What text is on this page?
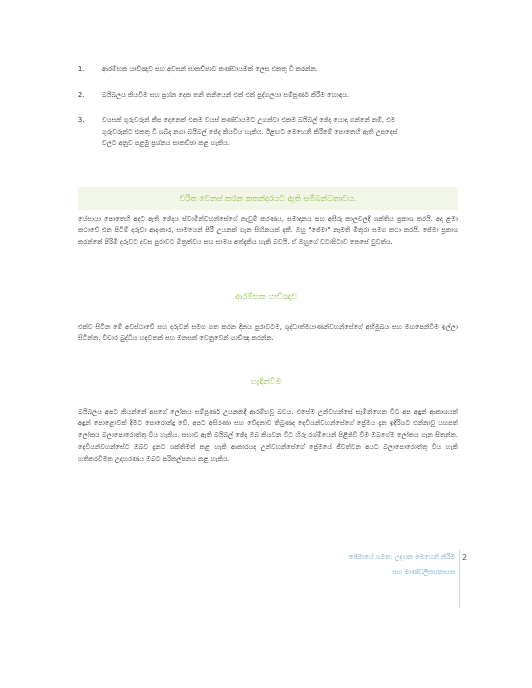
1.	ආරම්භක යාච්ඤාව සහ අවසන් සාකච්ඡාව කණ්ඩායමක් ලෙස එකතු වී කරන්න.
2.	බයිබලය කියවීම සහ ප්‍රශ්න දෙක තනි තනියෙන් එක් එක් පුද්ගලයා සම්පූර්ණ කිරීම හොඳය.
3.	වයසක් ගුරුවරුන් කීප දෙනෙක් එකම වයස් කණ්ඩායමට උගන්වා එකම බයිබල් ඡේද යොදා ගන්නේ නම්, එම ගුරුවරුන්ට එකතු වී ශබ්ද නගා බයිබල් ඡේද කියවිය හැකිය. ඊළඟට මෙහෙනි කිරීමේ පොතෙහි ඇති උපදෙස් වලට අනුව පළමු ප්‍රශ්නය සාකච්ඡා කළ හැකිය.
චරිත වෙනස් කරන කතන්දරයට ඇති සම්බන්ධතාවය.

යේසායා පොතෙහි අදට ඇති ඡේදය ස්වාමීන්වහන්සේගේ නැවුම් කරණය, සමාදානය සහ අසීරු කාලවලදී ශක්තිය ප්‍රකාශ කරයි. අද ළමා කථාවේ එන පිටිම් දරුවා ආදංකාර, සාමයෙන් පිරී උයනක් ගැන සිහිනයක් දකී. ඔහු "ජේමා" නැමති මිතුරා සමග කථා කරයි. ජේමා ප්‍රකාශ කරන්නේ පිරිමි දරුවට දවස පුරාවට මිත්‍රත්වය සහ සාමය අත්දැකිය හැකි බවයි. ඒ ඔහුගේ වටාපිටාව කෙසේ වුවත්ය.

ආරම්භක යාච්ඤාව

එක්ව සිටින මේ අවස්ථාවේ සහ දරුවන් සමග ගත කරන දිනය පුරාවටම, ශුද්ධාත්මයාණන්වහන්සේගේ අභිමුඛය සහ මඟපෙන්වීම ඉල්ලා සිටින්න. විචාර බුද්ධිය හදවතක් සහ මනසක් වෙනුවෙන් යාච්ඤා කරන්න.

හැඳින්වීම

බයිබලය අපට කියන්නේ අපගේ ලෝකය සම්පූර්ණ උයනකදී ආරම්භවූ බවය. එසේම උන්වහන්සේ සැමින්ගෙන විට අප අඳුන් ආකාශයක් අඳුන් පොළොවක් දිමට පොරොන්දු වේ. අපට අසිරණා සහ වේදනාව තිබුණද දෙවියන්වහන්සේගේ ප්‍රේමය දැන ඉදිරියට එන්නාවූ යහපත් ලෝකය බලාපොරොත්තු විය හැකිය. සභාව ඇති බයිබල් ඡේද ඔබ කියවන විට හිරු රශ්මියෙන් පිළිඡ්ඩි වීම ඔබගේම ලෝකය ගැන සිතන්න. දෙවියන්වහන්සේට ඔබව දැනට ශක්තිමත් කළ හැකි ආකාරයද උන්වහන්සේගේ ප්‍රේමයේ ජීවත්වන අයට බලාපොරොත්තු විය හැකි හතිකරවීමක උදාහරණය ඔබට පරිකල්පනය කළ හැකිය.

ජේමායේ ගමන: උද්‍යාන මෙහෙනි කිරීම
සහ මාණ්ඩලිකා/නායක
2
